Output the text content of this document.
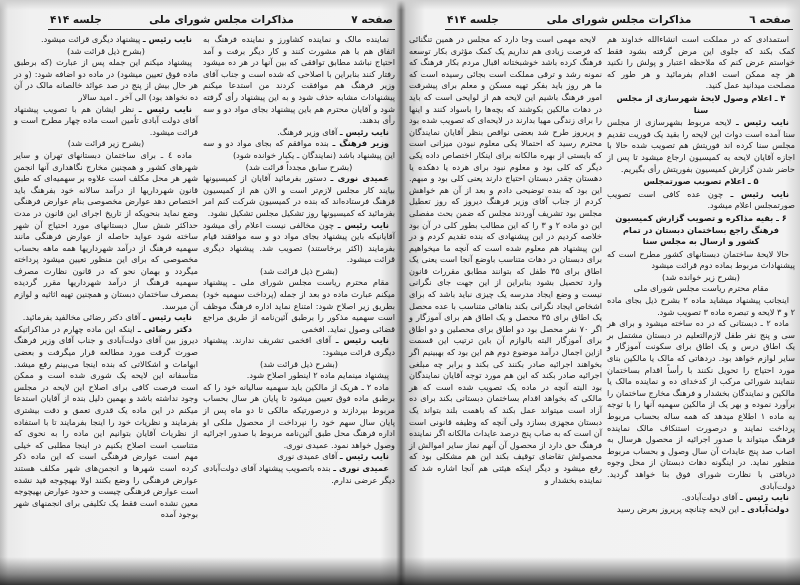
صفحه ۷
مذاکرات مجلس شورای ملی
جلسه ۴۱۴	صفحه ٦
مذاکرات مجلس شورای ملی
جلسه ۴۱۴

نایب رئیس ـ پیشنهاد دیگری قرائت میشود.

(بشرح ذیل قرائت شد)

پیشنهاد میکنم این جمله پس از عبارت (که برطبق ماده فوق تعیین میشود) در ماده دو اضافه شود: (و در هر حال بیش از پنج در صد عوائد خالصانه مالک در آن ده نخواهد بود) الی آخر ـ امید سالار

نایب رئیس ـ نظر ایشان هم با تصویب پیشنهاد آقای دولت آبادی تأمین است ماده چهار مطرح است و قرائت میشود.

(بشرح زیر قرائت شد)

ماده ٤ ـ برای ساختمان دبستانهای تهران و سایر شهرهای کشور و همچنین مخارج نگاهداری آنها انجمن شهر هر محل مکلف است علاوه بر سهمیه‌ای که طبق قانون شهرداریها از درآمد سالانه خود بفرهنگ باید اختصاص دهد عوارض مخصوصی بنام عوارض فرهنگی وضع نماید بنحویکه از تاریخ اجرای این قانون در مدت حداکثر شش سال دبستانهای مورد احتیاج آن شهر ساخته شود عواید حاصله از عوارض فرهنگی مانند سهمیه فرهنگ از درآمد شهرداریها همه ماهه بحساب مخصوصی که برای این منظور تعیین میشود پرداخته میگردد و بهمان نحو که در قانون نظارت مصرف سهمیه فرهنگ از درآمد شهرداریها مقرر گردیده بمصرف ساختمان دبستان و همچنین تهیه اثاثیه و لوازم آن میرسد.

نایب رئیس ـ آقای دکتر رضائی مخالفید بفرمائید.

دکتر رضائی ـ اینکه این ماده چهارم در مذاکراتیکه دیروز بین آقای دولت‌آبادی و جناب آقای وزیر فرهنگ صورت گرفت مورد مطالعه قرار میگرفت و بعضی ابهامات و اشکالاتی که بنده اینجا می‌بینم رفع میشد. متأسفانه این لایحه یک شوری شده است و ممکن است فرصت کافی برای اصلاح این لایحه در مجلس وجود نداشته باشد و بهمین دلیل بنده از آقایان استدعا میکنم در این ماده یک قدری تعمق و دقت بیشتری بفرمایند و نظریات خود را اینجا بفرمایند تا با استفاده از نظریات آقایان بتوانیم این ماده را به نحوی که متناسب است اصلاح بکنیم در اینجا مطلبی که خیلی مهم است عوارض فرهنگی است که این ماده ذکر کرده است شهرها و انجمن‌های شهر مکلف هستند عوارض فرهنگی را وضع بکنند اولا بهیچوجه قید نشده است عوارض فرهنگی چیست و حدود عوارض بهیچوجه معین نشده است فقط یک تکلیفی برای انجمنهای شهر بوجود آمده

نماینده مالک و نماینده کشاورز و نماینده فرهنگ به اتفاق هم با هم مشورت کنند و کار دیگر برفت و آمد احتیاج نباشد مطابق توافقی که بین آنها در هر ده میشود رفتار کنند بنابراین با اصلاحی که شده است و جناب آقای وزیر فرهنگ هم موافقت کردند من استدعا میکنم پیشنهادات مشابه حذف شود و به این پیشنهاد رأی گرفته شود و آقایان محترم هم باین پیشنهاد بجای مواد دو و سه رأی بدهند.

نایب رئیس ـ آقای وزیر فرهنگ.

وزیر فرهنگ ـ بنده موافقم که بجای مواد دو و سه این پیشنهاد باشد (نمایندگان ـ یکبار خوانده شود)

(بشرح سابق مجدداً قرائت شد)

عمیدی نوری ـ دستور بفرمائید آقایان از کمیسیونها بیایند کار مجلس لازم‌تر است و الان هم از کمیسیون فرهنگ فرستاده‌اند که بنده در کمیسیون شرکت کنم امر بفرمائید که کمیسیونها روز تشکیل مجلس تشکیل نشود.

نایب رئیس ـ چون مخالفی نیست اعلام رأی میشود آقایانیکه باین پیشنهاد بجای مواد دو و سه موافقند قیام بفرمایند (اکثر برخاستند) تصویب شد. پیشنهاد دیگری قرائت میشود.

(بشرح ذیل قرائت شد)

مقام محترم ریاست مجلس شورای ملی ـ پیشنهاد میکنم عبارت ماده دو بعد از جمله (پرداخت سهمیه خود) بطریق زیر اصلاح شود: امتناع نماید اداره فرهنگ موظف است سهمیه مذکور را برطبق آئین‌نامه از طریق مراجع قضائی وصول نماید. افخمی

نایب رئیس ـ آقای افخمی تشریف ندارند. پیشنهاد دیگری قرائت میشود:

(بشرح ذیل قرائت شد)

پیشنهاد مینمایم ماده ۲ اینطور اصلاح شود.

ماده ۲ ـ هریک از مالکین باید سهمیه سالیانه خود را که برطبق ماده فوق تعیین میشود تا پایان هر سال بحساب مربوط بپردازند و درصورتیکه مالکی تا دو ماه پس از پایان سال سهم خود را نپرداخت از محصول ملکی او اداره فرهنگ محل طبق آئین‌نامه مربوط با صدور اجرائیه وصول خواهد نمود. عمیدی نوری.

نایب رئیس ـ آقای عمیدی نوری

عمیدی نوری ـ بنده باتصویب پیشنهاد آقای دولت‌آبادی دیگر عرضی ندارم.

لایحه مهمی است وجا دارد که مجلس در همین تنگنائی که فرصت زیادی هم نداریم یک کمک مؤثری بکار توسعه فرهنگ کرده باشد خوشبختانه اقبال مردم بکار فرهنگ که نمونه رشد و ترقی مملکت است بجائی رسیده است که ما هر روز باید بفکر تهیه مسکن و معلم برای پیشرفت امور فرهنگ باشیم این لایحه هم از لوایحی است که باید در دهات مالکین بکوشند که بچه‌ها را باسواد کنند و اینها را برای زندگی مهیا بدارند در لایحه‌ای که تصویب شده بود و پریروز طرح شد بعضی نواقص بنظر آقایان نمایندگان محترم رسید که احتمالا یکی معلوم نبودن میزانی است که بایستی از بهره مالکانه برای اینکار اختصاص داده یکی دیگر که کلی بود و معلوم نبود برای هرده یا دهکده یا دهستان چقدر دبستان احتیاج دارند یعنی کلی بود و مبهم. این بود که بنده توضیحی دادم و بعد از آن هم خواهش کردم از جناب آقای وزیر فرهنگ دیروز که روز تعطیل مجلس بود تشریف آوردند مجلس که ضمن بحث مفصلی این دو ماده ۲ و ۳ را که این مطالب بطور کلی در آن بود خلاصه کردیم در این پیشنهادی که بنده تقدیم کردم و در این پیشنهاد هم معلوم شده است که آنچه ما میخواهیم برای دبستان در دهات متناسب باوضع آنجا است یعنی یک اطاق برای ۳۵ طفل که بتوانند مطابق مقررات قانون وارد تحصیل بشود بنابراین از این جهت جای نگرانی نیست و وضع ایجاد مدرسه یک چیزی نباید باشد که برای اشخاص ایجاد نگرانی بکند بناهائی متناسب با عده محصل یک اطاق برای ۳۵ محصل و یک اطاق هم برای آموزگار و اگر ۷۰ نفر محصل بود دو اطاق برای محصلین و دو اطاق برای آموزگار البته بالوازم آن باین ترتیب این قسمت ازاین اجمال درآمد موضوع دوم هم این بود که بهبینیم اگر بخواهند اجرائیه صادر بکنند کی بکند و برابر چه مبلغی اجرائیه صادر بکند که این هم مورد توجه آقایان نمایندگان بود البته آنچه در ماده یک تصویب شده است که هر مالکی که بخواهد اقدام بساختمان دبستانی بکند برای ده آزاد است میتواند عمل بکند که باهمت بلند بتواند یک دبستان مجهزی بسازد ولی آنچه که وظیفه قانونی است آن است که به صاب پنج درصد عایدات مالکانه اگر نماینده فرهنگ حق دارد از محصول آن آنهم نماز سایر اموالش از محصولش تقاضای توقیف بکند این هم مشکلی بود که رفع میشود و دیگر اینکه هیئتی هم آنجا اشاره شد که نماینده بخشدار و

استمدادی که در مملکت است انشاءالله خداوند هم کمک بکند که جلوی این مرض گرفته بشود فقط خواستم عرض کنم که ملاحظه اعتبار و پولش را نکنید هر چه ممکن است اقدام بفرمائید و هر طور که مصلحت میدانید عمل کنید.

۴ ـ اعلام وصول لایحهٔ شهرسازی از مجلس سنا

نایب رئیس ـ لایحه مربوط بشهرسازی از مجلس سنا آمده است دوات این لایحه را بقید یک فوریت تقدیم مجلس سنا کرده اند فوریتش هم تصویب شده حالا با اجازه آقایان لایحه به کمیسیون ارجاع میشود تا پس از حاضر شدن گزارش کمیسیون بفوریتش رأی بگیریم.

۵ ـ اعلام تصویب صورتمجلس

نایب رئیس ـ چون عده کافی است تصویب صورتمجلس اعلام میشود.

۶ ـ بقیه مذاکره و تصویب گزارش کمیسیون فرهنگ راجع بساختمان دبستان در تمام کشور و ارسال به مجلس سنا

حالا لایحهٔ ساختمان دبستانهای کشور مطرح است که پیشنهادات مربوط بماده دوم قرائت میشود

(بشرح زیر خوانده شد)

مقام محترم ریاست مجلس شورای ملی

اینجانب پیشنهاد میشاید ماده ۲ بشرح ذیل بجای ماده ۲ و ۳ لایحه و تبصره ماده ۳ تصویب شود.

ماده ۲ ـ دبستانی که در ده ساخته میشود و برای هر سی و پنج نفر طفل لازم‌التعلیم در دبستان مشتمل بر یک اطاق درس و یک اطاق برای سکونت آموزگار و سایر لوازم خواهد بود. دردهاتی که مالک یا مالکین بنای مورد احتیاج را تحویل نکنند با رأساً اقدام بساختمان ننمایند شورائی مرکب از کدخدای ده و نماینده مالک یا مالکین و نمایندگان بخشدار و فرهنگ مخارج ساختمان را برآورد نموده و بهر یک از مالکین سهمیه آنها را با توجه به ماده ۱ اطلاع میدهد که همه ساله بحساب مربوط پرداخت نمایند و درصورت استنکاف مالک نماینده فرهنگ میتواند با صدور اجرائیه از محصول هرسال به اصاب صد پنج عایدات آن سال وصول و بحساب مربوط منظور نماید. در اینگونه دهات دبستان از محل وجوه دریافتی با نظارت شورای فوق بنا خواهد گردید. دولت‌آبادی

نایب رئیس ـ آقای دولت‌آبادی.

دولت‌آبادی ـ این لایحه چنانچه پریروز بعرض رسید
